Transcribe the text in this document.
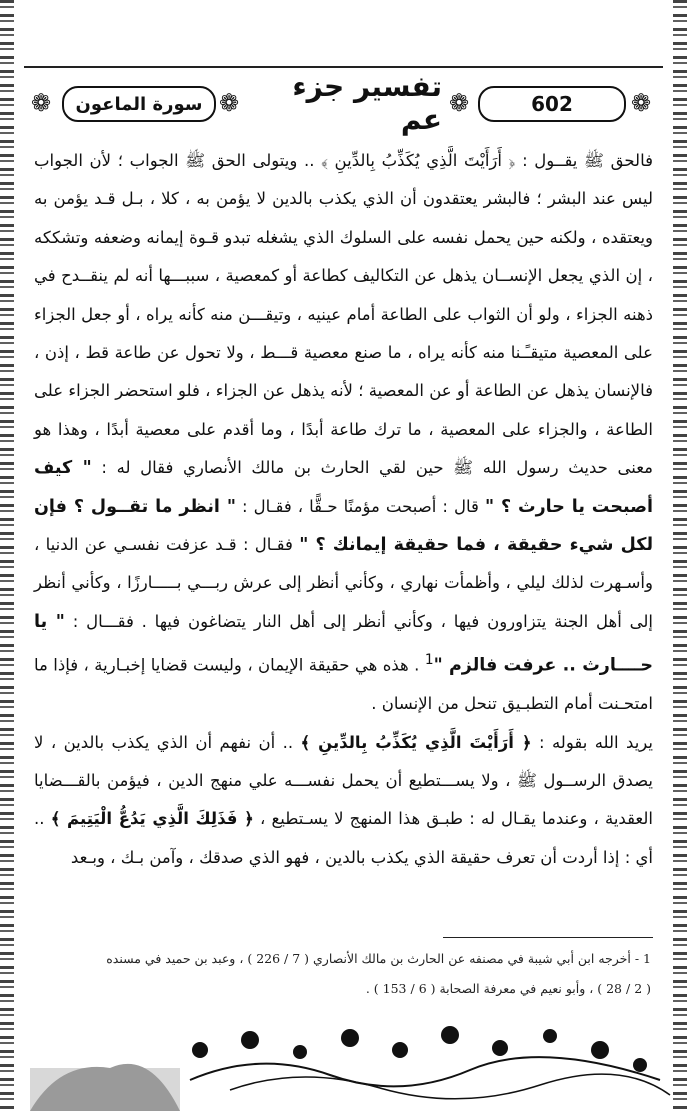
❁ سورة الماعون ❁	تفسير جزء عم ❁	602 ❁

فالحق ﷺ يقــول : ﴿ أَرَأَيْتَ الَّذِي يُكَذِّبُ بِالدِّينِ ﴾ .. ويتولى الحق ﷺ الجواب ؛ لأن الجواب ليس عند البشر ؛ فالبشر يعتقدون أن الذي يكذب بالدين لا يؤمن به ، كلا ، بـل قـد يؤمن به ويعتقده ، ولكنه حين يحمل نفسه على السلوك الذي يشغله تبدو قـوة إيمانه وضعفه وتشككه ، إن الذي يجعل الإنســان يذهل عن التكاليف كطاعة أو كمعصية ، سببـــها أنه لم ينقــدح في ذهنه الجزاء ، ولو أن الثواب على الطاعة أمام عينيه ، وتيقـــن منه كأنه يراه ، أو جعل الجزاء على المعصية متيقـًـنا منه كأنه يراه ، ما صنع معصية قـــط ، ولا تحول عن طاعة قط ، إذن ، فالإنسان يذهل عن الطاعة أو عن المعصية ؛ لأنه يذهل عن الجزاء ، فلو استحضر الجزاء على الطاعة ، والجزاء على المعصية ، ما ترك طاعة أبدًا ، وما أقدم على معصية أبدًا ، وهذا هو معنى حديث رسول الله ﷺ حين لقي الحارث بن مالك الأنصاري فقال له : " كيف أصبحت يا حارث ؟ " قال : أصبحت مؤمنًا حـقًّا ، فقـال : " انظر ما تقــول ؟ فإن لكل شيء حقيقة ، فما حقيقة إيمانك ؟ " فقـال : قـد عزفت نفسـي عن الدنيا ، وأسـهرت لذلك ليلي ، وأظمأت نهاري ، وكأني أنظر إلى عرش ربـــي بـــــارزًا ، وكأني أنظر إلى أهل الجنة يتزاورون فيها ، وكأني أنظر إلى أهل النار يتضاغون فيها . فقـــال : " يا حــــارث .. عرفت فالزم "$^1$ . هذه هي حقيقة الإيمان ، وليست قضايا إخبـارية ، فإذا ما امتحـنت أمام التطبـيق تنحل من الإنسان .

يريد الله بقوله : ﴿ أَرَأَيْتَ الَّذِي يُكَذِّبُ بِالدِّينِ ﴾ .. أن نفهم أن الذي يكذب بالدين ، لا يصدق الرســول ﷺ ، ولا يســـتطيع أن يحمل نفســـه علي منهج الدين ، فيؤمن بالقـــضايا العقدية ، وعندما يقـال له : طبـق هذا المنهج لا يسـتطيع ، ﴿ فَذَلِكَ الَّذِي يَدُعُّ الْيَتِيمَ ﴾ .. أي : إذا أردت أن تعرف حقيقة الذي يكذب بالدين ، فهو الذي صدقك ، وآمن بـك ، وبـعد

1 - أخرجه ابن أبي شيبة في مصنفه عن الحارث بن مالك الأنصاري ( 7 / 226 ) ، وعبد بن حميد في مسنده
( 2 / 28 ) ، وأبو نعيم في معرفة الصحابة ( 6 / 153 ) .
